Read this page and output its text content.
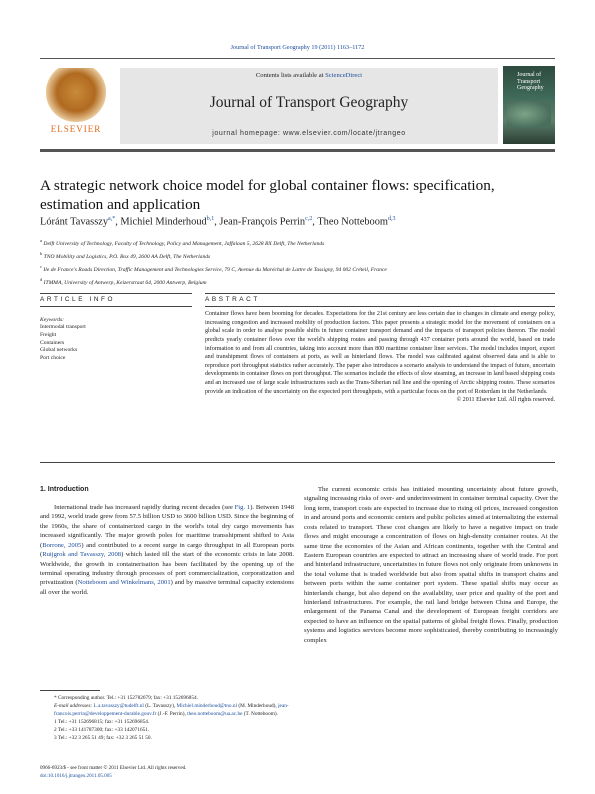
Journal of Transport Geography 19 (2011) 1163–1172
ELSEVIER
Contents lists available at ScienceDirect
Journal of Transport Geography
journal homepage: www.elsevier.com/locate/jtrangeo
Journal of Transport Geography
A strategic network choice model for global container flows: specification, estimation and application
Lóránt Tavasszy$^{a,*}$, Michiel Minderhoud$^{b,1}$, Jean-François Perrin$^{c,2}$, Theo Notteboom$^{d,3}$
$^a$ Delft University of Technology, Faculty of Technology, Policy and Management, Jaffalaan 5, 2628 BX Delft, The Netherlands
$^b$ TNO Mobility and Logistics, P.O. Box 49, 2600 AA Delft, The Netherlands
$^c$ Ile de France's Roads Direction, Traffic Management and Technologies Service, 79 C, Avenue du Maréchal de Lattre de Tassigny, 94 002 Créteil, France
$^d$ ITMMA, University of Antwerp, Keizerstraat 64, 2000 Antwerp, Belgium
ARTICLE INFO
Keywords:
Intermodal transport
Freight
Containers
Global networks
Port choice
ABSTRACT
Container flows have been booming for decades. Expectations for the 21st century are less certain due to changes in climate and energy policy, increasing congestion and increased mobility of production factors. This paper presents a strategic model for the movement of containers on a global scale in order to analyse possible shifts in future container transport demand and the impacts of transport policies thereon. The model predicts yearly container flows over the world's shipping routes and passing through 437 container ports around the world, based on trade information to and from all countries, taking into account more than 800 maritime container liner services. The model includes import, export and transhipment flows of containers at ports, as well as hinterland flows. The model was calibrated against observed data and is able to reproduce port throughput statistics rather accurately. The paper also introduces a scenario analysis to understand the impact of future, uncertain developments in container flows on port throughput. The scenarios include the effects of slow steaming, an increase in land based shipping costs and an increased use of large scale infrastructures such as the Trans-Siberian rail line and the opening of Arctic shipping routes. These scenarios provide an indication of the uncertainty on the expected port throughputs, with a particular focus on the port of Rotterdam in the Netherlands.
© 2011 Elsevier Ltd. All rights reserved.
1. Introduction

International trade has increased rapidly during recent decades (see Fig. 1). Between 1948 and 1992, world trade grew from 57.5 billion USD to 3600 billion USD. Since the beginning of the 1960s, the share of containerized cargo in the world's total dry cargo movements has increased significantly. The major growth poles for maritime transshipment shifted to Asia (Borrone, 2005) and contributed to a recent surge in cargo throughput in all European ports (Ruijgrok and Tavasszy, 2008) which lasted till the start of the economic crisis in late 2008. Worldwide, the growth in containerisation has been facilitated by the opening up of the terminal operating industry through processes of port commercialization, corporatization and privatization (Notteboom and Winkelmans, 2001) and by massive terminal capacity extensions all over the world.

The current economic crisis has initiated mounting uncertainty about future growth, signaling increasing risks of over- and underinvestment in container terminal capacity. Over the long term, transport costs are expected to increase due to rising oil prices, increased congestion in and around ports and economic centers and public policies aimed at internalizing the external costs related to transport. These cost changes are likely to have a negative impact on trade flows and might encourage a concentration of flows on high-density container routes. At the same time the economies of the Asian and African continents, together with the Central and Eastern European countries are expected to attract an increasing share of world trade. For port and hinterland infrastructure, uncertainties in future flows not only originate from unknowns in the total volume that is traded worldwide but also from spatial shifts in transport chains and between ports within the same container port system. These spatial shifts may occur as hinterlands change, but also depend on the availability, user price and quality of the port and hinterland infrastructures. For example, the rail land bridge between China and Europe, the enlargement of the Panama Canal and the development of European freight corridors are expected to have an influence on the spatial patterns of global freight flows. Finally, production systems and logistics services become more sophisticated, thereby contributing to increasingly complex

* Corresponding author. Tel.: +31 152782679; fax: +31 152696854.
E-mail addresses: L.a.tavasszy@tudelft.nl (L. Tavasszy), Michiel.minderhoud@tno.nl (M. Minderhoud), jean-francois.perrin@developpement-durable.gouv.fr (J.-F. Perrin), theo.notteboom@ua.ac.be (T. Notteboom).
1 Tel.: +31 152696815; fax: +31 152696854.
2 Tel.: +33 141787300; fax: +33 142071651.
3 Tel.: +32 3 265 51 49; fax: +32 3 265 51 50.
0966-6923/$ - see front matter © 2011 Elsevier Ltd. All rights reserved.
doi:10.1016/j.jtrangeo.2011.05.005
